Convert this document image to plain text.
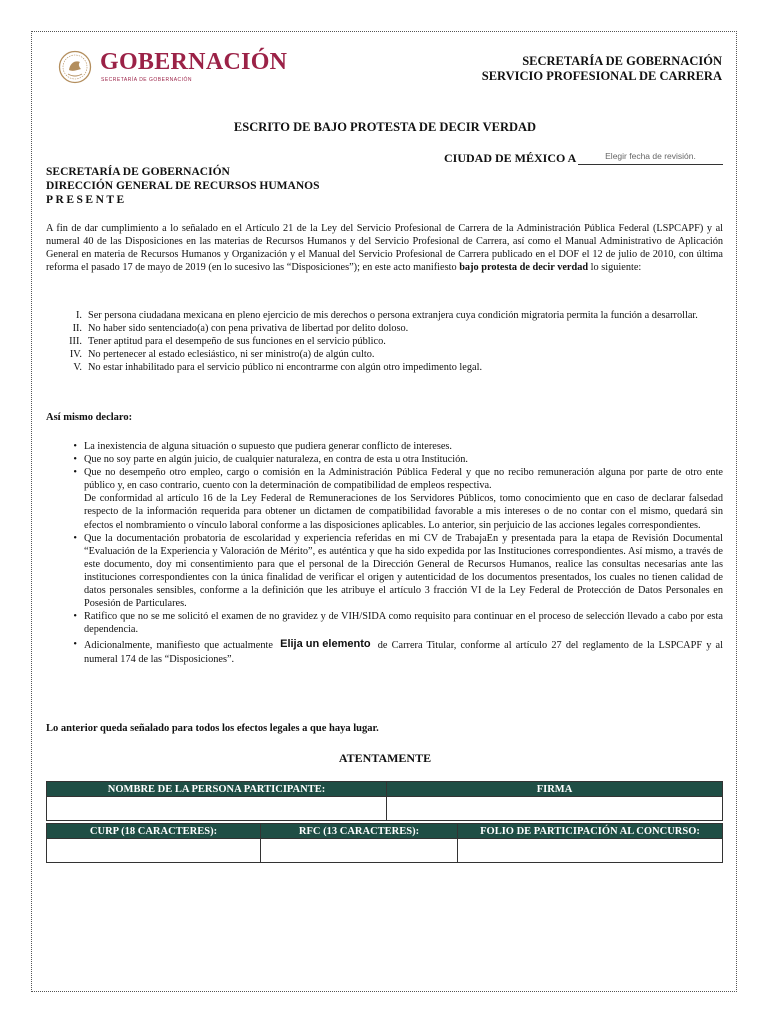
GOBERNACIÓN
SECRETARÍA DE GOBERNACIÓN
SECRETARÍA DE GOBERNACIÓN
SERVICIO PROFESIONAL DE CARRERA
ESCRITO DE BAJO PROTESTA DE DECIR VERDAD
CIUDAD DE MÉXICO A	Elegir fecha de revisión.
SECRETARÍA DE GOBERNACIÓN
DIRECCIÓN GENERAL DE RECURSOS HUMANOS
PRESENTE
A fin de dar cumplimiento a lo señalado en el Artículo 21 de la Ley del Servicio Profesional de Carrera de la Administración Pública Federal (LSPCAPF) y al numeral 40 de las Disposiciones en las materias de Recursos Humanos y del Servicio Profesional de Carrera, así como el Manual Administrativo de Aplicación General en materia de Recursos Humanos y Organización y el Manual del Servicio Profesional de Carrera publicado en el DOF el 12 de julio de 2010, con última reforma el pasado 17 de mayo de 2019 (en lo sucesivo las “Disposiciones”); en este acto manifiesto bajo protesta de decir verdad lo siguiente:
I. Ser persona ciudadana mexicana en pleno ejercicio de mis derechos o persona extranjera cuya condición migratoria permita la función a desarrollar.
II. No haber sido sentenciado(a) con pena privativa de libertad por delito doloso.
III. Tener aptitud para el desempeño de sus funciones en el servicio público.
IV. No pertenecer al estado eclesiástico, ni ser ministro(a) de algún culto.
V. No estar inhabilitado para el servicio público ni encontrarme con algún otro impedimento legal.
Así mismo declaro:
• La inexistencia de alguna situación o supuesto que pudiera generar conflicto de intereses.
• Que no soy parte en algún juicio, de cualquier naturaleza, en contra de esta u otra Institución.
• Que no desempeño otro empleo, cargo o comisión en la Administración Pública Federal y que no recibo remuneración alguna por parte de otro ente público y, en caso contrario, cuento con la determinación de compatibilidad de empleos respectiva.
De conformidad al artículo 16 de la Ley Federal de Remuneraciones de los Servidores Públicos, tomo conocimiento que en caso de declarar falsedad respecto de la información requerida para obtener un dictamen de compatibilidad favorable a mis intereses o de no contar con el mismo, quedará sin efectos el nombramiento o vínculo laboral conforme a las disposiciones aplicables. Lo anterior, sin perjuicio de las acciones legales correspondientes.
• Que la documentación probatoria de escolaridad y experiencia referidas en mi CV de TrabajaEn y presentada para la etapa de Revisión Documental “Evaluación de la Experiencia y Valoración de Mérito”, es auténtica y que ha sido expedida por las Instituciones correspondientes. Así mismo, a través de este documento, doy mi consentimiento para que el personal de la Dirección General de Recursos Humanos, realice las consultas necesarias ante las instituciones correspondientes con la única finalidad de verificar el origen y autenticidad de los documentos presentados, los cuales no tienen calidad de datos personales sensibles, conforme a la definición que les atribuye el artículo 3 fracción VI de la Ley Federal de Protección de Datos Personales en Posesión de Particulares.
• Ratifico que no se me solicitó el examen de no gravidez y de VIH/SIDA como requisito para continuar en el proceso de selección llevado a cabo por esta dependencia.
• Adicionalmente, manifiesto que actualmente Elija un elemento de Carrera Titular, conforme al artículo 27 del reglamento de la LSPCAPF y al numeral 174 de las “Disposiciones”.
Lo anterior queda señalado para todos los efectos legales a que haya lugar.
ATENTAMENTE
NOMBRE DE LA PERSONA PARTICIPANTE:	FIRMA

CURP (18 CARACTERES):	RFC (13 CARACTERES):	FOLIO DE PARTICIPACIÓN AL CONCURSO:
